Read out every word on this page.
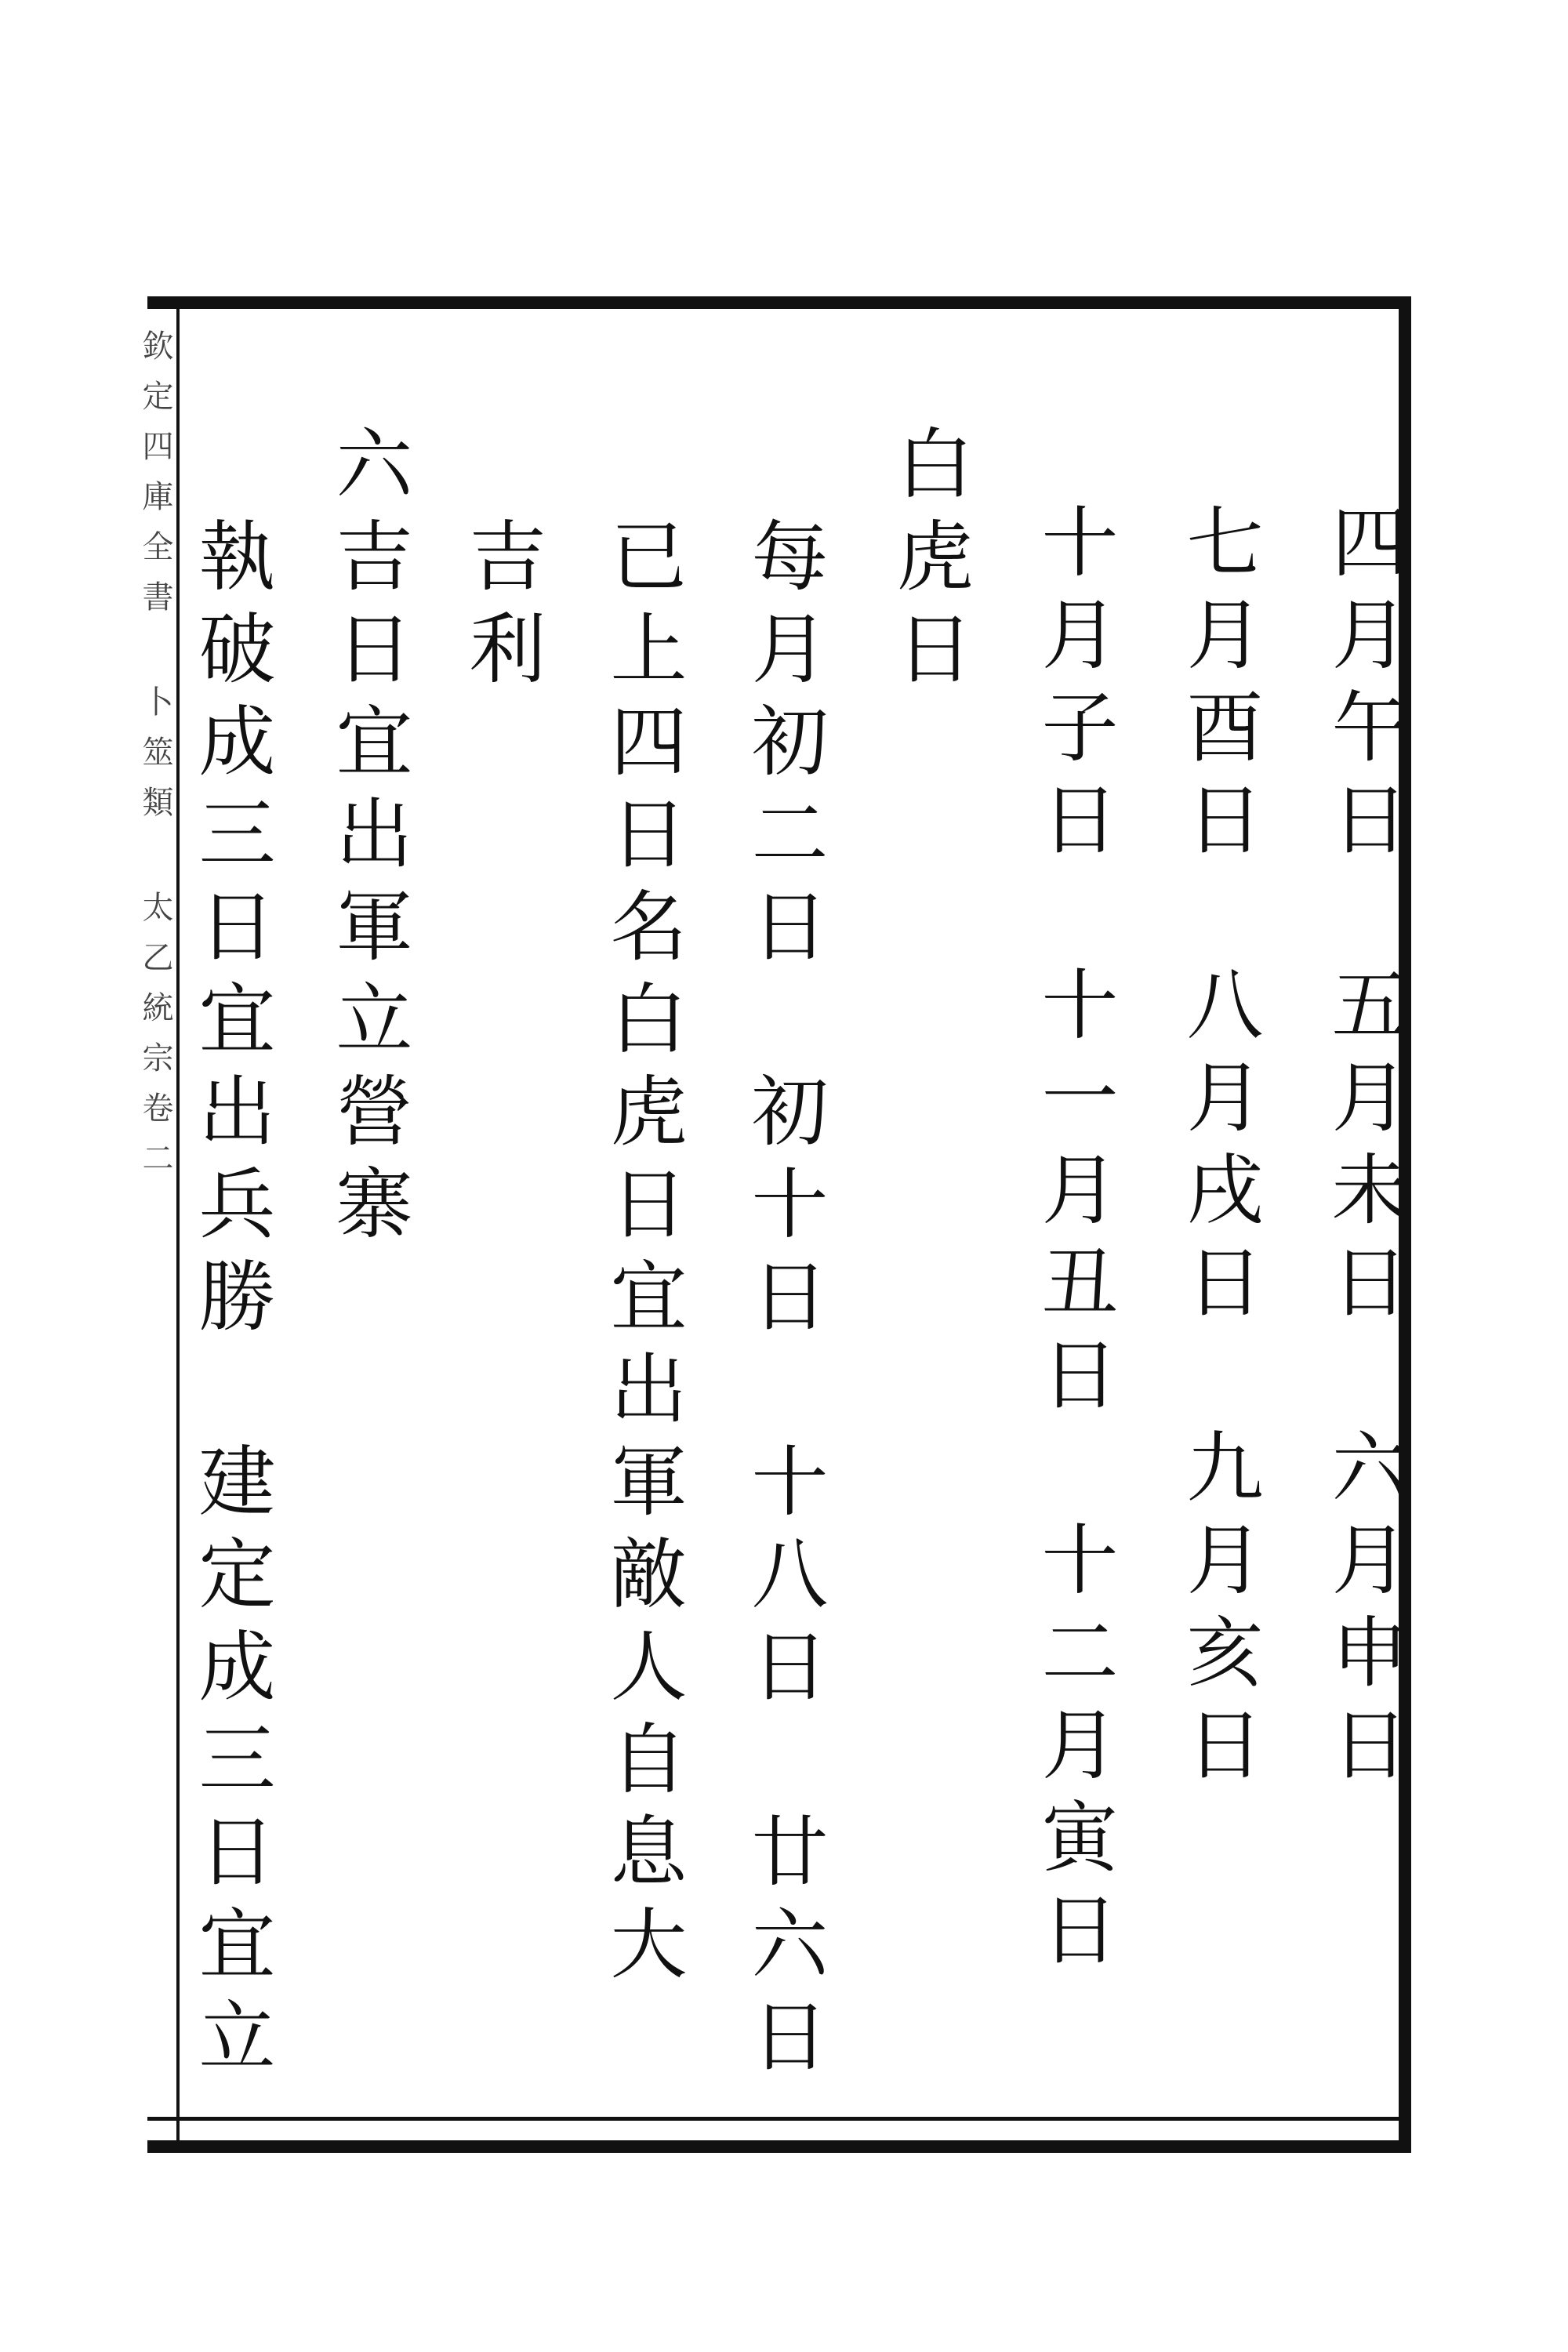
欽定四庫全書 卜筮類 太乙統宗卷二	四月午日　五月未日　六月申日
七月酉日　八月戌日　九月亥日
十月子日　十一月丑日　十二月寅日
白虎日
　每月初二日　初十日　十八日　廿六日
　已上四日名白虎日宜出軍敵人自息大
　吉利
六吉日宜出軍立營寨
　執破成三日宜出兵勝　建定成三日宜立
